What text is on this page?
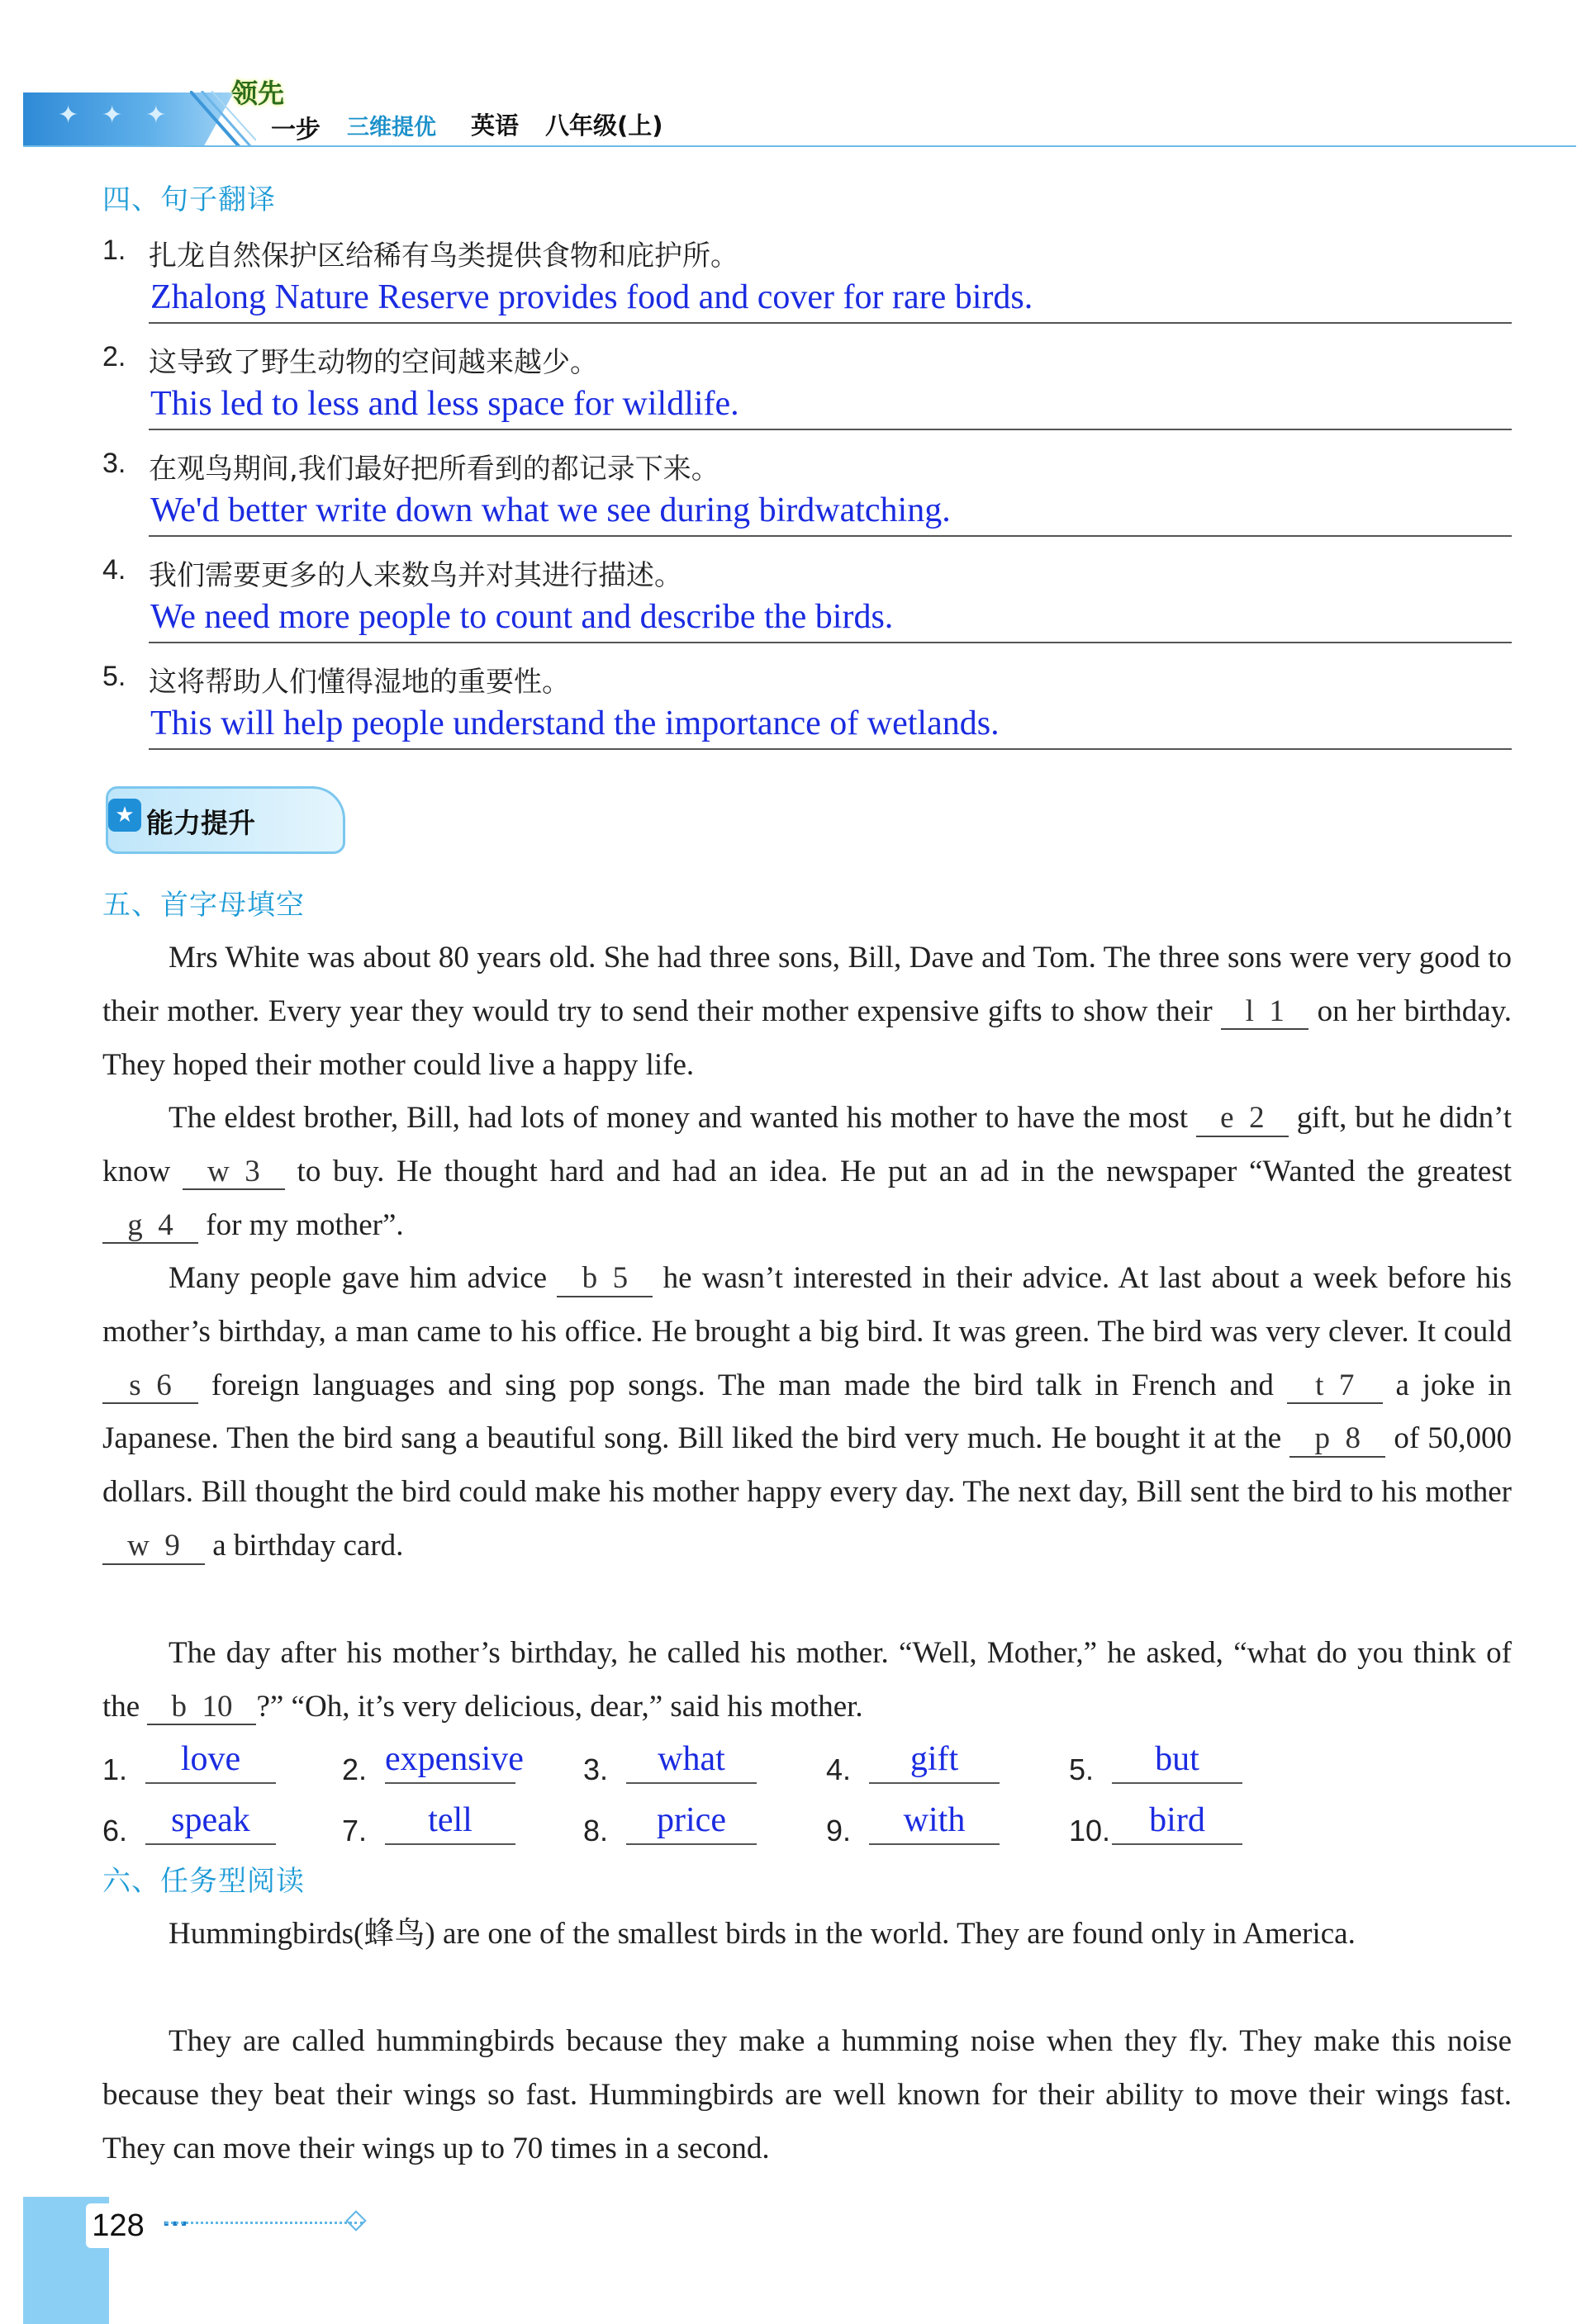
✦✦✦
领先
一步 三维提优 英语 八年级(上)
四、句子翻译
1. 扎龙自然保护区给稀有鸟类提供食物和庇护所。
Zhalong Nature Reserve provides food and cover for rare birds.
2. 这导致了野生动物的空间越来越少。
This led to less and less space for wildlife.
3. 在观鸟期间,我们最好把所看到的都记录下来。
We'd better write down what we see during birdwatching.
4. 我们需要更多的人来数鸟并对其进行描述。
We need more people to count and describe the birds.
5. 这将帮助人们懂得湿地的重要性。
This will help people understand the importance of wetlands.
★ 能力提升
五、首字母填空
Mrs White was about 80 years old. She had three sons, Bill, Dave and Tom. The three sons were very good to their mother. Every year they would try to send their mother expensive gifts to show their l 1 on her birthday. They hoped their mother could live a happy life.
The eldest brother, Bill, had lots of money and wanted his mother to have the most e 2 gift, but he didn’t know w 3 to buy. He thought hard and had an idea. He put an ad in the newspaper “Wanted the greatest g 4 for my mother”.
Many people gave him advice b 5 he wasn’t interested in their advice. At last about a week before his mother’s birthday, a man came to his office. He brought a big bird. It was green. The bird was very clever. It could s 6 foreign languages and sing pop songs. The man made the bird talk in French and t 7 a joke in Japanese. Then the bird sang a beautiful song. Bill liked the bird very much. He bought it at the p 8 of 50,000 dollars. Bill thought the bird could make his mother happy every day. The next day, Bill sent the bird to his mother w 9 a birthday card.
The day after his mother’s birthday, he called his mother. “Well, Mother,” he asked, “what do you think of the b 10 ?” “Oh, it’s very delicious, dear,” said his mother.
1.	love	2. expensive 3.	what	4.	gift	5.	but
6.	speak	7.	tell	8.	price	9.	with	10.	bird
六、任务型阅读
Hummingbirds(蜂鸟) are one of the smallest birds in the world. They are found only in America.
They are called hummingbirds because they make a humming noise when they fly. They make this noise because they beat their wings so fast. Hummingbirds are well known for their ability to move their wings fast. They can move their wings up to 70 times in a second.
128 ···
